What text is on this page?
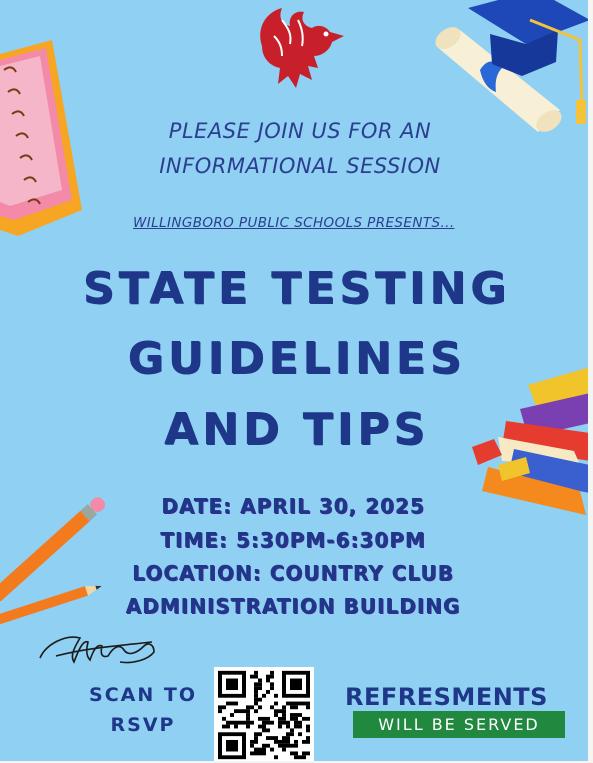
PLEASE JOIN US FOR AN
INFORMATIONAL SESSION
WILLINGBORO PUBLIC SCHOOLS PRESENTS...
STATE TESTING
GUIDELINES
AND TIPS
DATE: APRIL 30, 2025
TIME: 5:30PM-6:30PM
LOCATION: COUNTRY CLUB
ADMINISTRATION BUILDING
SCAN TO
RSVP
REFRESMENTS
WILL BE SERVED
